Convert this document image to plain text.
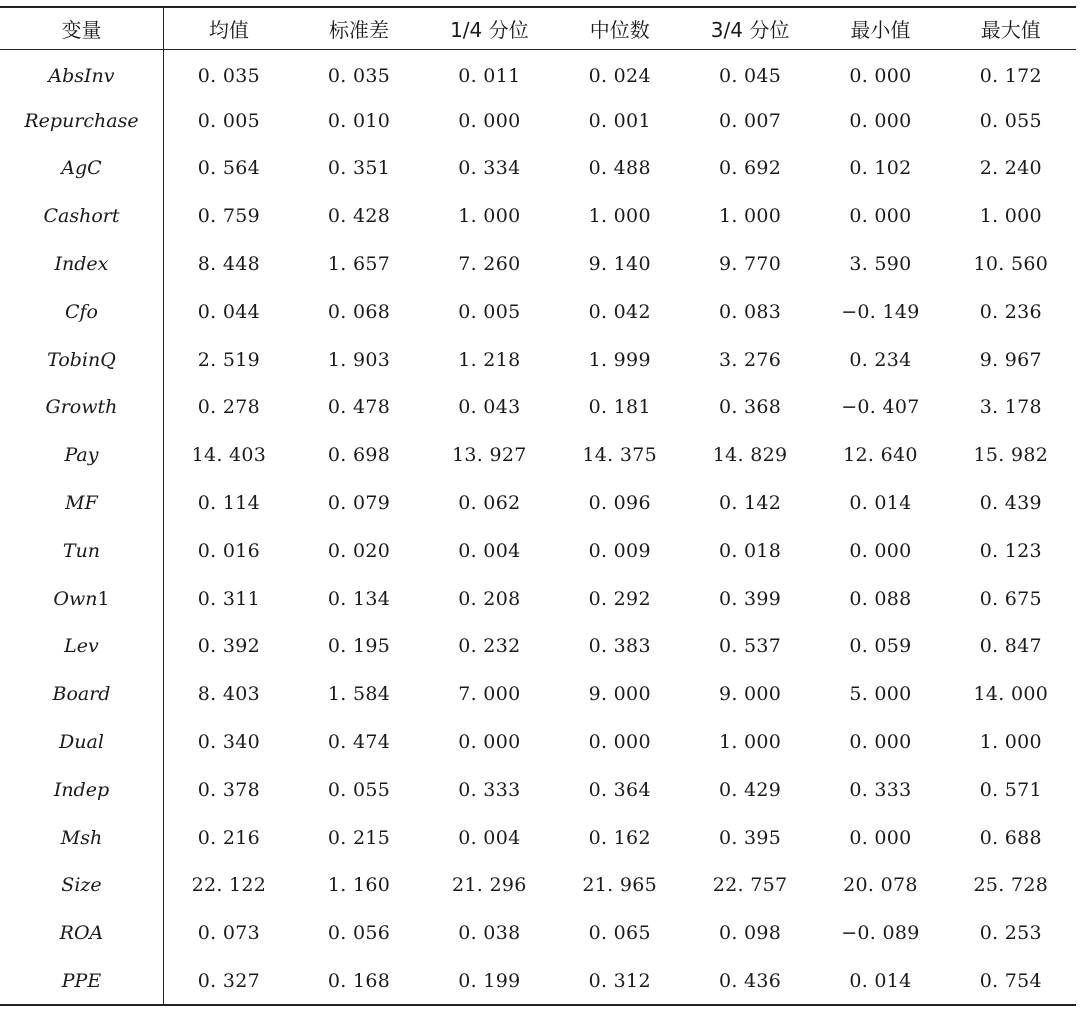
变量	均值	标准差	1/4 分位	中位数	3/4 分位	最小值	最大值
AbsInv	0. 035	0. 035	0. 011	0. 024	0. 045	0. 000	0. 172
Repurchase	0. 005	0. 010	0. 000	0. 001	0. 007	0. 000	0. 055
AgC	0. 564	0. 351	0. 334	0. 488	0. 692	0. 102	2. 240
Cashort	0. 759	0. 428	1. 000	1. 000	1. 000	0. 000	1. 000
Index	8. 448	1. 657	7. 260	9. 140	9. 770	3. 590	10. 560
Cfo	0. 044	0. 068	0. 005	0. 042	0. 083	−0. 149	0. 236
TobinQ	2. 519	1. 903	1. 218	1. 999	3. 276	0. 234	9. 967
Growth	0. 278	0. 478	0. 043	0. 181	0. 368	−0. 407	3. 178
Pay	14. 403	0. 698	13. 927	14. 375	14. 829	12. 640	15. 982
MF	0. 114	0. 079	0. 062	0. 096	0. 142	0. 014	0. 439
Tun	0. 016	0. 020	0. 004	0. 009	0. 018	0. 000	0. 123
Own1	0. 311	0. 134	0. 208	0. 292	0. 399	0. 088	0. 675
Lev	0. 392	0. 195	0. 232	0. 383	0. 537	0. 059	0. 847
Board	8. 403	1. 584	7. 000	9. 000	9. 000	5. 000	14. 000
Dual	0. 340	0. 474	0. 000	0. 000	1. 000	0. 000	1. 000
Indep	0. 378	0. 055	0. 333	0. 364	0. 429	0. 333	0. 571
Msh	0. 216	0. 215	0. 004	0. 162	0. 395	0. 000	0. 688
Size	22. 122	1. 160	21. 296	21. 965	22. 757	20. 078	25. 728
ROA	0. 073	0. 056	0. 038	0. 065	0. 098	−0. 089	0. 253
PPE	0. 327	0. 168	0. 199	0. 312	0. 436	0. 014	0. 754
